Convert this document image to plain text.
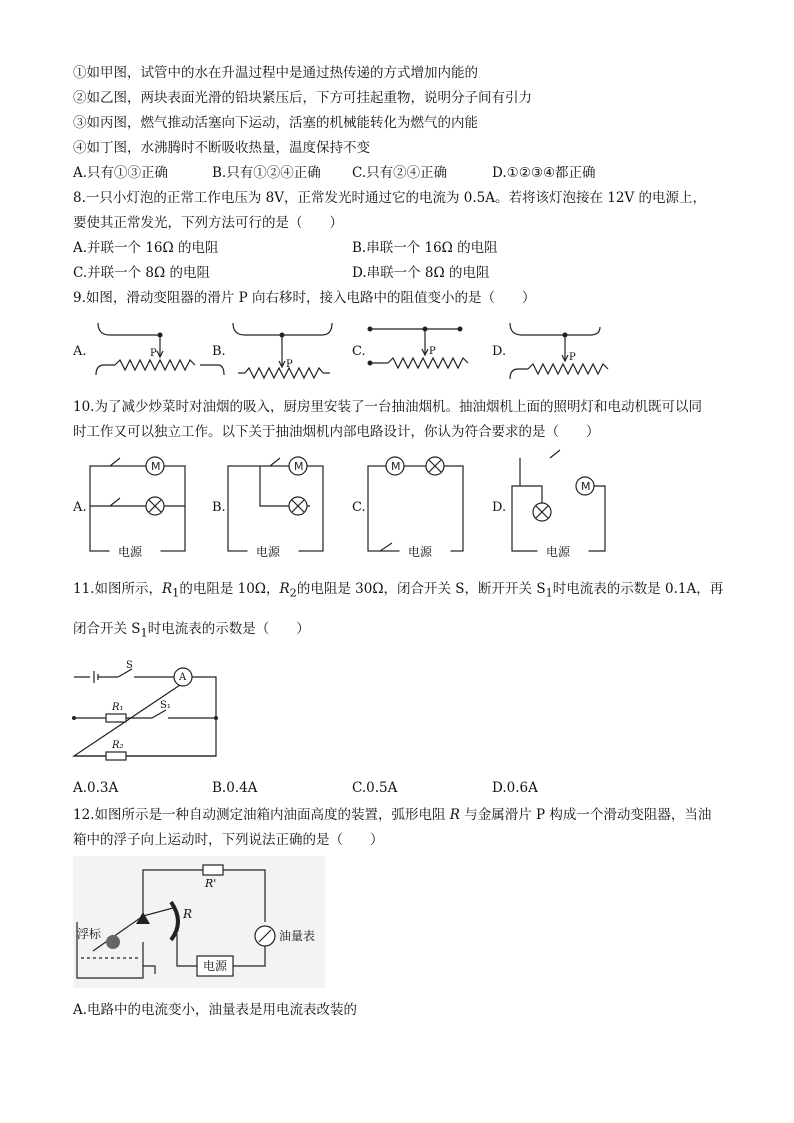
①如甲图，试管中的水在升温过程中是通过热传递的方式增加内能的
②如乙图，两块表面光滑的铅块紧压后，下方可挂起重物，说明分子间有引力
③如丙图，燃气推动活塞向下运动，活塞的机械能转化为燃气的内能
④如丁图，水沸腾时不断吸收热量，温度保持不变
A.只有①③正确	B.只有①②④正确 C.只有②④正确	D.①②③④都正确
8.一只小灯泡的正常工作电压为 8V，正常发光时通过它的电流为 0.5A。若将该灯泡接在 12V 的电源上，
要使其正常发光，下列方法可行的是（　　）
A.并联一个 16Ω 的电阻	B.串联一个 16Ω 的电阻
C.并联一个 8Ω 的电阻	D.串联一个 8Ω 的电阻
9.如图，滑动变阻器的滑片 P 向右移时，接入电路中的阻值变小的是（　　）
A.	B.	C.	D.
P
P
P
P
10.为了减少炒菜时对油烟的吸入，厨房里安装了一台抽油烟机。抽油烟机上面的照明灯和电动机既可以同
时工作又可以独立工作。以下关于抽油烟机内部电路设计，你认为符合要求的是（　　）
M	M	M
M
A.	B.	C.	D.
电源	电源	电源	电源
11.如图所示，$R_1$的电阻是 10Ω，$R_2$的电阻是 30Ω，闭合开关 S，断开开关 $S_1$时电流表的示数是 0.1A，再
闭合开关 $S_1$时电流表的示数是（　　）
S
A
S₁
R₁
R₂
A.0.3A	B.0.4A	C.0.5A	D.0.6A
12.如图所示是一种自动测定油箱内油面高度的装置，弧形电阻 R 与金属滑片 P 构成一个滑动变阻器，当油
箱中的浮子向上运动时，下列说法正确的是（　　）
R'
R
油量表
浮标
电源
A.电路中的电流变小，油量表是用电流表改装的
